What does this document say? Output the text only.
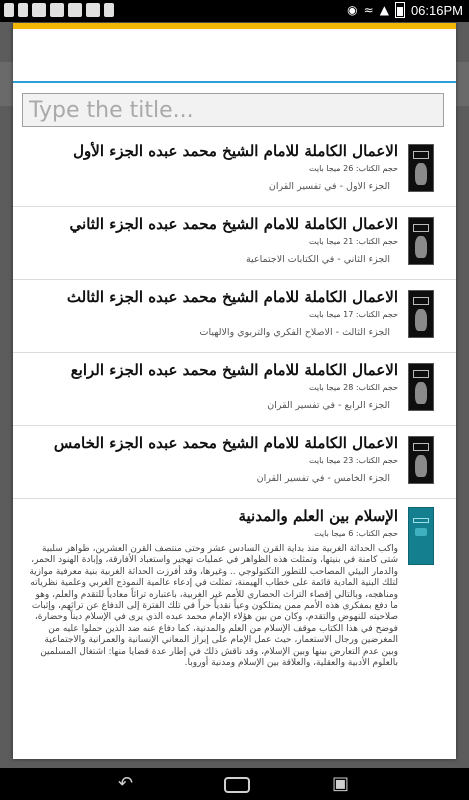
◉ ≈ ▲ 06:16PM
Type the title...
الاعمال الكاملة للامام الشيخ محمد عبده الجزء الأول
حجم الكتاب: 26 ميجا بايت
الجزء الاول - في تفسير القران
الاعمال الكاملة للامام الشيخ محمد عبده الجزء الثاني
حجم الكتاب: 21 ميجا بايت
الجزء الثاني - في الكتابات الاجتماعية
الاعمال الكاملة للامام الشيخ محمد عبده الجزء الثالث
حجم الكتاب: 17 ميجا بايت
الجزء الثالث - الاصلاح الفكري والتربوي والالهيات
الاعمال الكاملة للامام الشيخ محمد عبده الجزء الرابع
حجم الكتاب: 28 ميجا بايت
الجزء الرابع - في تفسير القران
الاعمال الكاملة للامام الشيخ محمد عبده الجزء الخامس
حجم الكتاب: 23 ميجا بايت
الجزء الخامس - في تفسير القران
الإسلام بين العلم والمدنية
حجم الكتاب: 6 ميجا بايت
واكب الحداثة الغربية منذ بداية القرن السادس عشر وحتى منتصف القرن العشرين، ظواهر سلبية شتى كامنة في بنيتها، وتمثلت هذه الظواهر في عمليات تهجير واستعباد الأفارقة، وإبادة الهنود الحمر، والدمار البيئي المصاحب للتطور التكنولوجي .. وغيرها، وقد أفرزت الحداثة الغربية بنية معرفية موازية لتلك البنية المادية قائمة على خطاب الهيمنة، تمثلت في إدعاء عالمية النموذج الغربي وعلمية نظرياته ومناهجه، وبالتالي إقصاء التراث الحضاري للأمم غير الغربية، باعتباره تراثاً معادياً للتقدم والعلم، وهو ما دفع بمفكري هذه الأمم ممن يمتلكون وعياً نقدياً حراً في تلك الفترة إلى الدفاع عن تراثهم، وإثبات صلاحيته للنهوض والتقدم، وكان من بين هؤلاء الإمام محمد عبده الذي يرى في الإسلام ديناً وحضارة، فوضح في هذا الكتاب موقف الإسلام من العلم والمدنية، كما دفاع عنه ضد الذين حملوا عليه من المغرضين ورجال الاستعمار، حيث عمل الإمام على إبراز المعاني الإنسانية والعمرانية والاجتماعية وبين عدم التعارض بينها وبين الإسلام، وقد ناقش ذلك في إطار عدة قضايا منها: اشتغال المسلمين بالعلوم الأدبية والعقلية، والعلاقة بين الإسلام ومدنية أوروبا.
↶	▣
